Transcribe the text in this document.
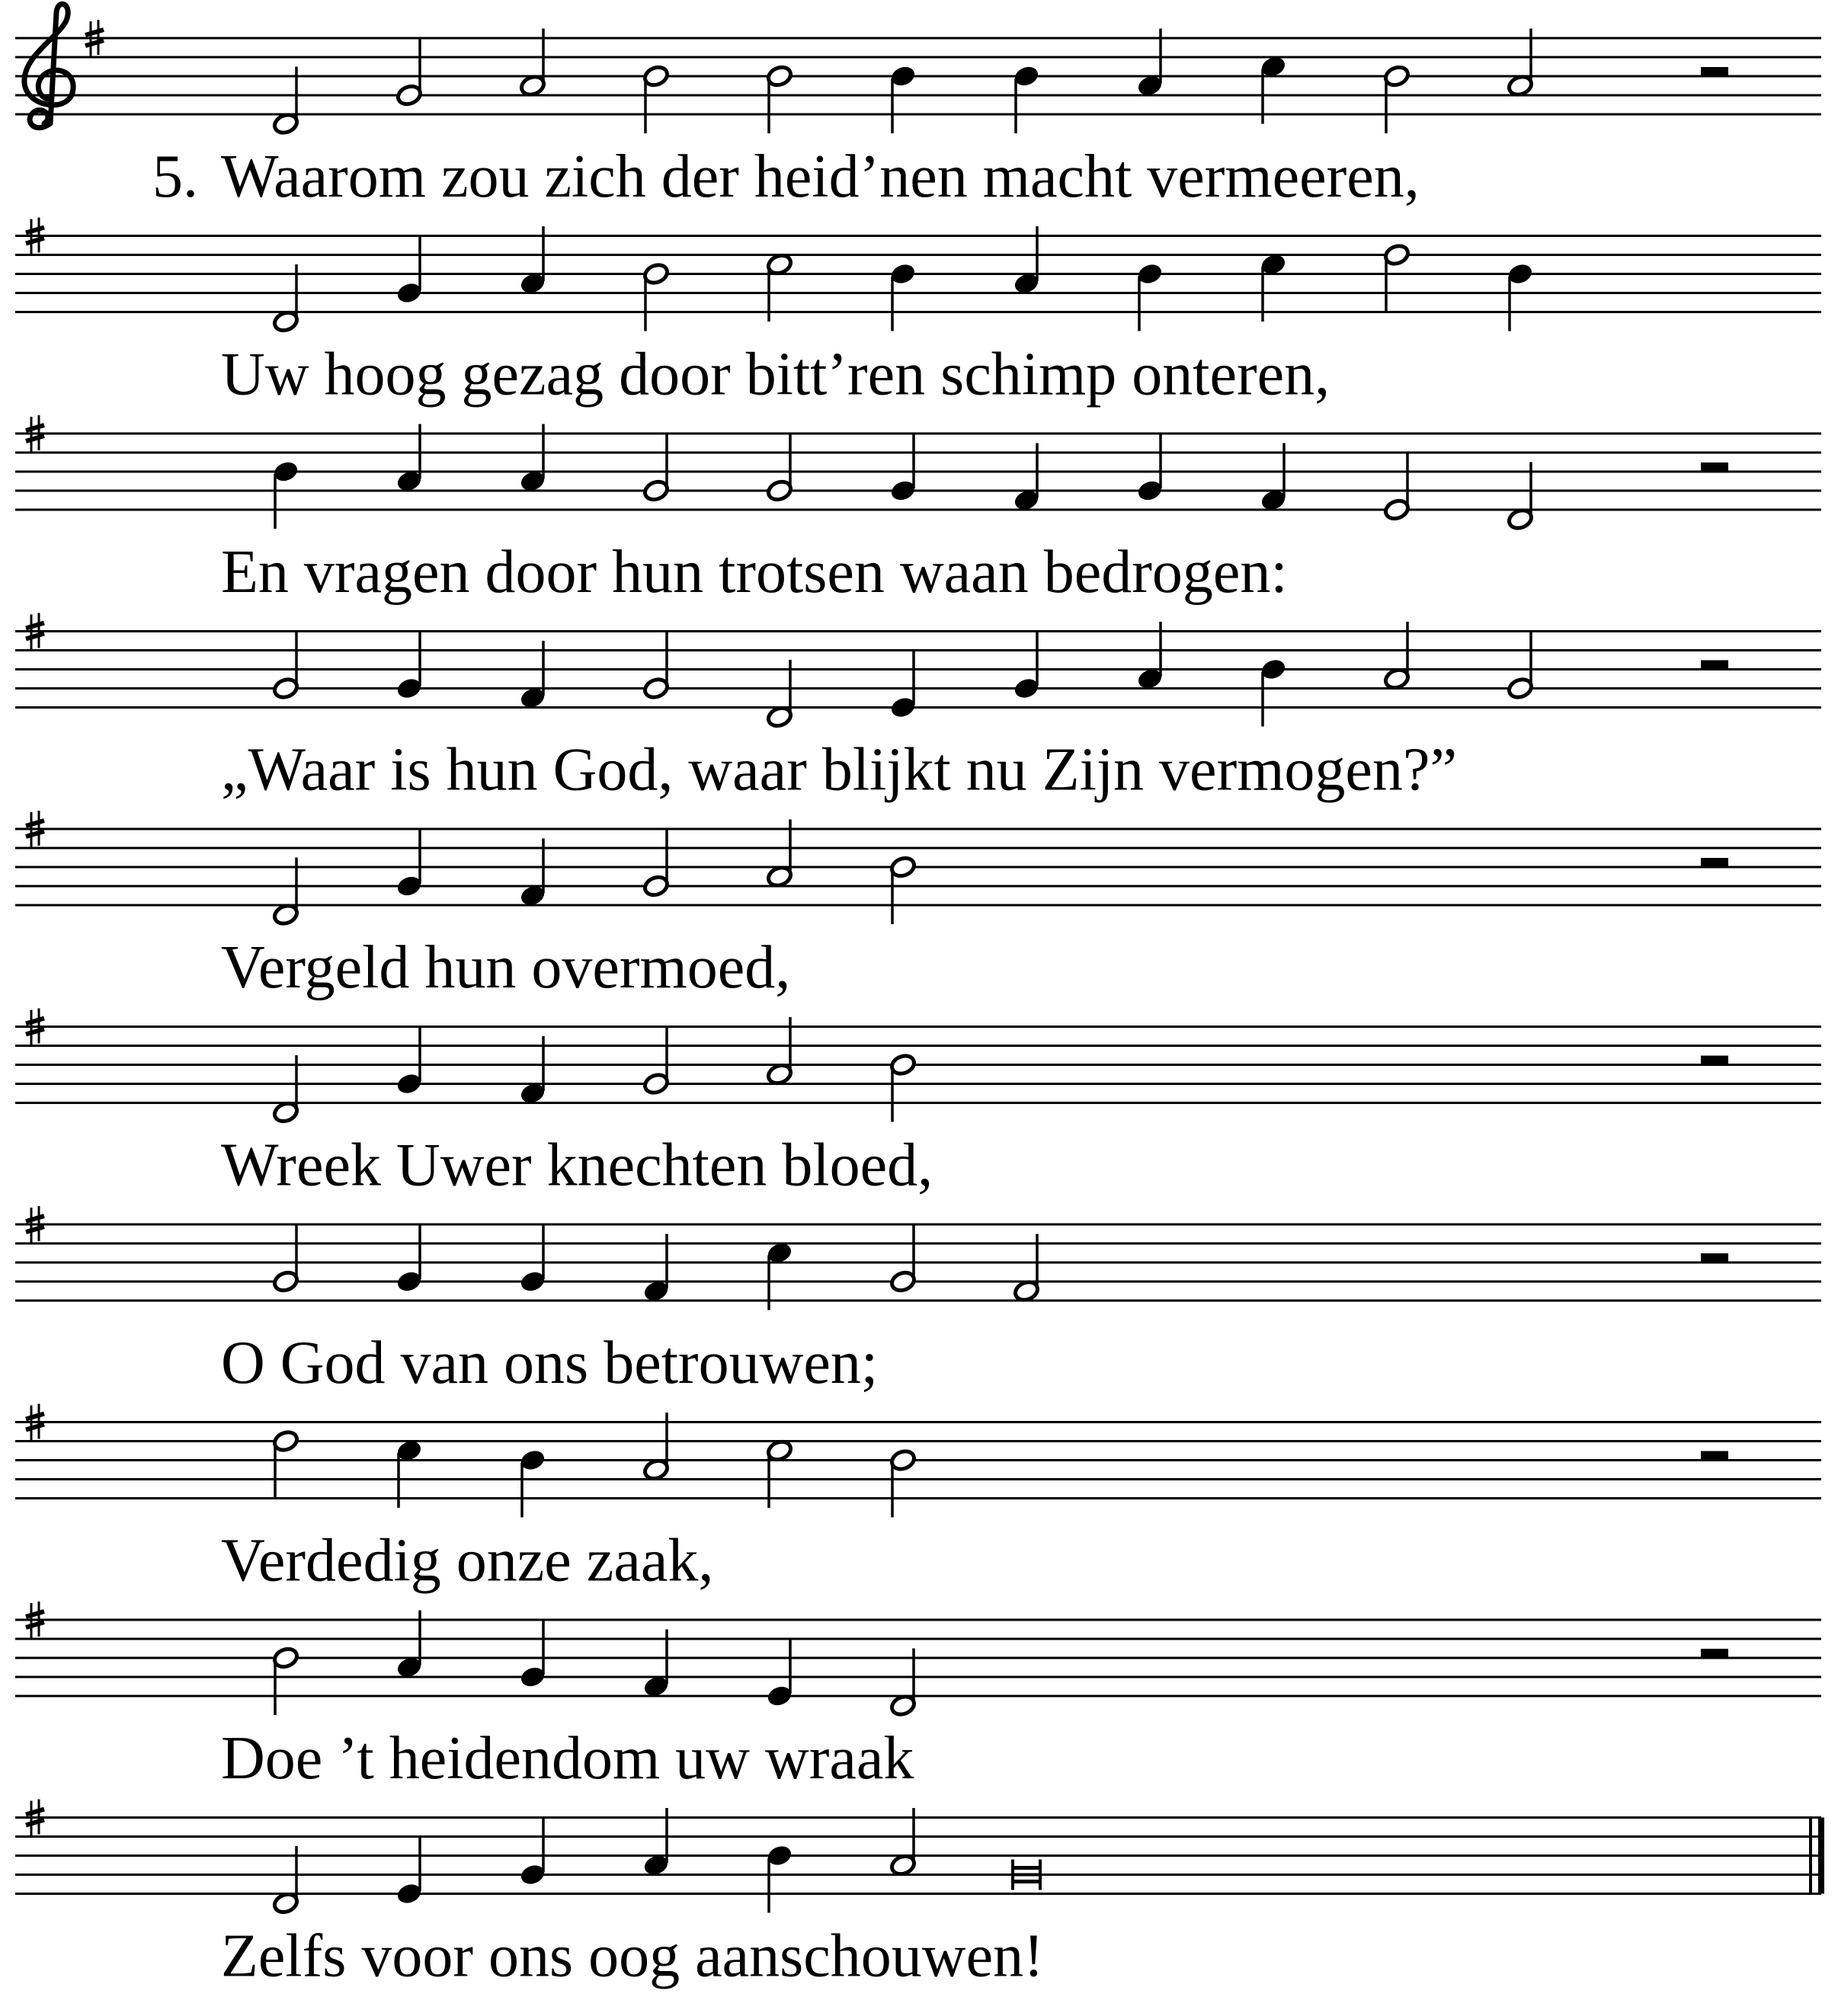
5. Waarom zou zich der heid’nen macht vermeeren,
Uw hoog gezag door bitt’ren schimp onteren,
En vragen door hun trotsen waan bedrogen:
„Waar is hun God, waar blijkt nu Zijn vermogen?”
Vergeld hun overmoed,
Wreek Uwer knechten bloed,
O God van ons betrouwen;
Verdedig onze zaak,
Doe ’t heidendom uw wraak
Zelfs voor ons oog aanschouwen!
